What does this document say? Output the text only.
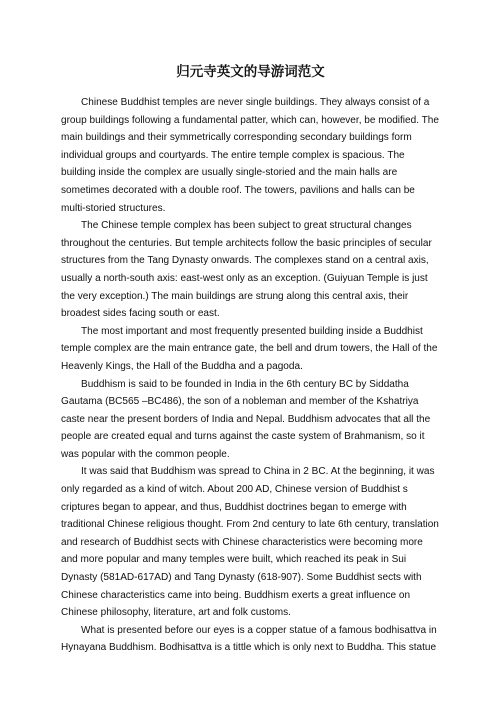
归元寺英文的导游词范文

Chinese Buddhist temples are never single buildings. They always consist of a group buildings following a fundamental patter, which can, however, be modified. The main buildings and their symmetrically corresponding secondary buildings form individual groups and courtyards. The entire temple complex is spacious. The building inside the complex are usually single-storied and the main halls are sometimes decorated with a double roof. The towers, pavilions and halls can be multi-storied structures.

The Chinese temple complex has been subject to great structural changes throughout the centuries. But temple architects follow the basic principles of secular structures from the Tang Dynasty onwards. The complexes stand on a central axis, usually a north-south axis: east-west only as an exception. (Guiyuan Temple is just the very exception.) The main buildings are strung along this central axis, their broadest sides facing south or east.

The most important and most frequently presented building inside a Buddhist temple complex are the main entrance gate, the bell and drum towers, the Hall of the Heavenly Kings, the Hall of the Buddha and a pagoda.

Buddhism is said to be founded in India in the 6th century BC by Siddatha Gautama (BC565 –BC486), the son of a nobleman and member of the Kshatriya caste near the present borders of India and Nepal. Buddhism advocates that all the people are created equal and turns against the caste system of Brahmanism, so it was popular with the common people.

It was said that Buddhism was spread to China in 2 BC. At the beginning, it was only regarded as a kind of witch. About 200 AD, Chinese version of Buddhist s criptures began to appear, and thus, Buddhist doctrines began to emerge with traditional Chinese religious thought. From 2nd century to late 6th century, translation and research of Buddhist sects with Chinese characteristics were becoming more and more popular and many temples were built, which reached its peak in Sui Dynasty (581AD-617AD) and Tang Dynasty (618-907). Some Buddhist sects with Chinese characteristics came into being. Buddhism exerts a great influence on Chinese philosophy, literature, art and folk customs.

What is presented before our eyes is a copper statue of a famous bodhisattva in Hynayana Buddhism. Bodhisattva is a tittle which is only next to Buddha. This statue
